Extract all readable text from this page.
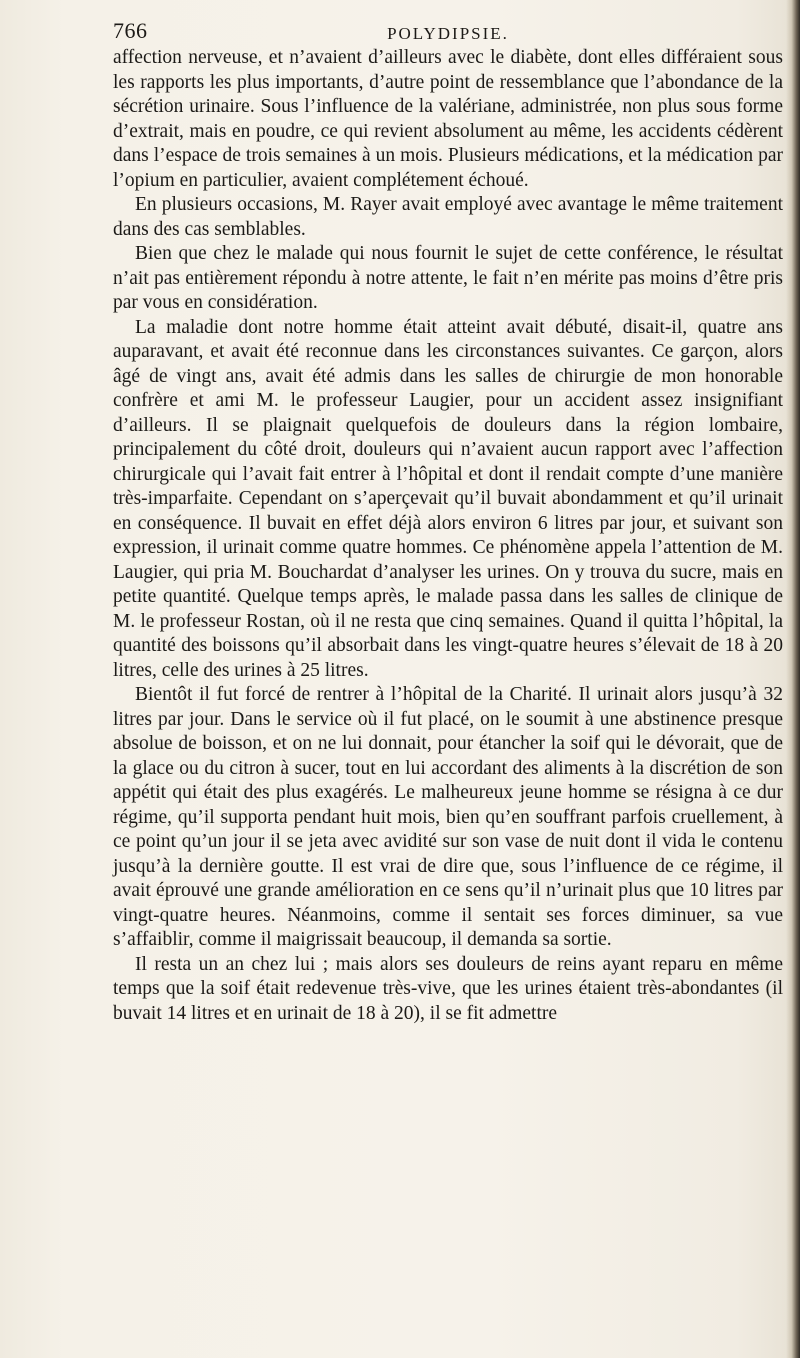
766	POLYDIPSIE.

affection nerveuse, et n’avaient d’ailleurs avec le diabète, dont elles différaient sous les rapports les plus importants, d’autre point de ressemblance que l’abondance de la sécrétion urinaire. Sous l’influence de la valériane, administrée, non plus sous forme d’extrait, mais en poudre, ce qui revient absolument au même, les accidents cédèrent dans l’espace de trois semaines à un mois. Plusieurs médications, et la médication par l’opium en particulier, avaient complétement échoué.

En plusieurs occasions, M. Rayer avait employé avec avantage le même traitement dans des cas semblables.

Bien que chez le malade qui nous fournit le sujet de cette conférence, le résultat n’ait pas entièrement répondu à notre attente, le fait n’en mérite pas moins d’être pris par vous en considération.

La maladie dont notre homme était atteint avait débuté, disait-il, quatre ans auparavant, et avait été reconnue dans les circonstances suivantes. Ce garçon, alors âgé de vingt ans, avait été admis dans les salles de chirurgie de mon honorable confrère et ami M. le professeur Laugier, pour un accident assez insignifiant d’ailleurs. Il se plaignait quelquefois de douleurs dans la région lombaire, principalement du côté droit, douleurs qui n’avaient aucun rapport avec l’affection chirurgicale qui l’avait fait entrer à l’hôpital et dont il rendait compte d’une manière très-imparfaite. Cependant on s’aperçevait qu’il buvait abondamment et qu’il urinait en conséquence. Il buvait en effet déjà alors environ 6 litres par jour, et suivant son expression, il urinait comme quatre hommes. Ce phénomène appela l’attention de M. Laugier, qui pria M. Bouchardat d’analyser les urines. On y trouva du sucre, mais en petite quantité. Quelque temps après, le malade passa dans les salles de clinique de M. le professeur Rostan, où il ne resta que cinq semaines. Quand il quitta l’hôpital, la quantité des boissons qu’il absorbait dans les vingt-quatre heures s’élevait de 18 à 20 litres, celle des urines à 25 litres.

Bientôt il fut forcé de rentrer à l’hôpital de la Charité. Il urinait alors jusqu’à 32 litres par jour. Dans le service où il fut placé, on le soumit à une abstinence presque absolue de boisson, et on ne lui donnait, pour étancher la soif qui le dévorait, que de la glace ou du citron à sucer, tout en lui accordant des aliments à la discrétion de son appétit qui était des plus exagérés. Le malheureux jeune homme se résigna à ce dur régime, qu’il supporta pendant huit mois, bien qu’en souffrant parfois cruellement, à ce point qu’un jour il se jeta avec avidité sur son vase de nuit dont il vida le contenu jusqu’à la dernière goutte. Il est vrai de dire que, sous l’influence de ce régime, il avait éprouvé une grande amélioration en ce sens qu’il n’urinait plus que 10 litres par vingt-quatre heures. Néanmoins, comme il sentait ses forces diminuer, sa vue s’affaiblir, comme il maigrissait beaucoup, il demanda sa sortie.

Il resta un an chez lui ; mais alors ses douleurs de reins ayant reparu en même temps que la soif était redevenue très-vive, que les urines étaient très-abondantes (il buvait 14 litres et en urinait de 18 à 20), il se fit admettre
